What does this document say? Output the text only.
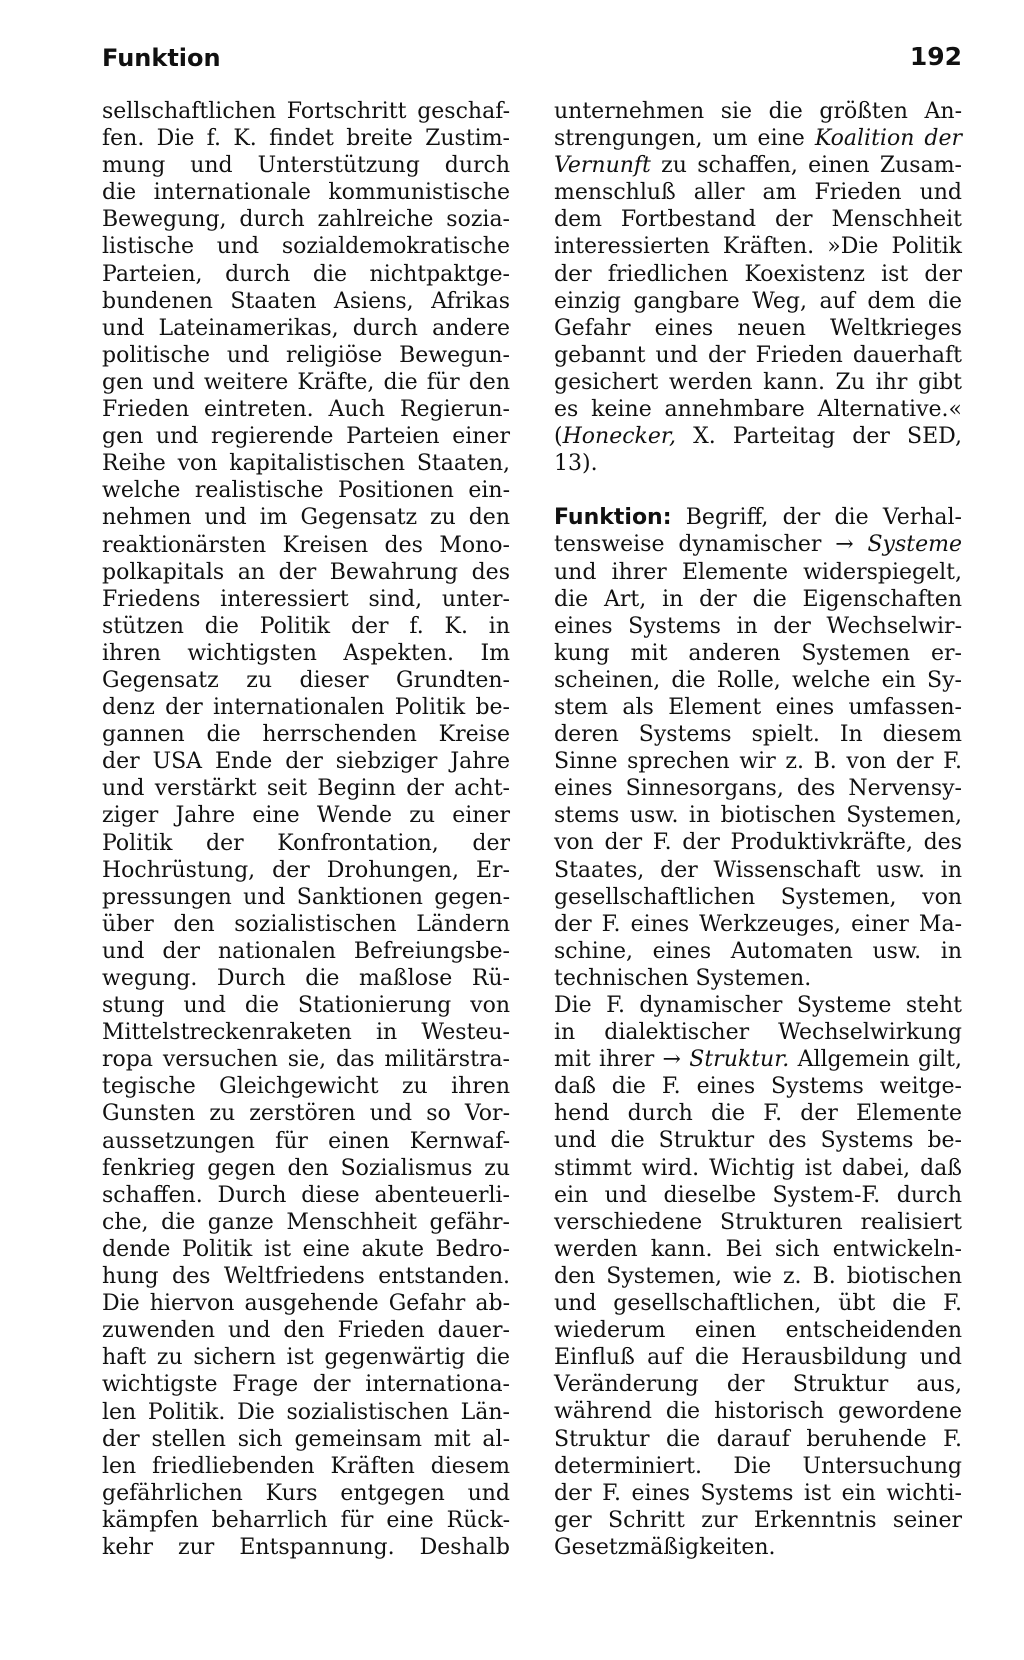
Funktion	192
sellschaftlichen Fortschritt geschaf-
fen. Die f. K. findet breite Zustim-
mung und Unterstützung durch
die internationale kommunistische
Bewegung, durch zahlreiche sozia-
listische und sozialdemokratische
Parteien, durch die nichtpaktge-
bundenen Staaten Asiens, Afrikas
und Lateinamerikas, durch andere
politische und religiöse Bewegun-
gen und weitere Kräfte, die für den
Frieden eintreten. Auch Regierun-
gen und regierende Parteien einer
Reihe von kapitalistischen Staaten,
welche realistische Positionen ein-
nehmen und im Gegensatz zu den
reaktionärsten Kreisen des Mono-
polkapitals an der Bewahrung des
Friedens interessiert sind, unter-
stützen die Politik der f. K. in
ihren wichtigsten Aspekten. Im
Gegensatz zu dieser Grundten-
denz der internationalen Politik be-
gannen die herrschenden Kreise
der USA Ende der siebziger Jahre
und verstärkt seit Beginn der acht-
ziger Jahre eine Wende zu einer
Politik der Konfrontation, der
Hochrüstung, der Drohungen, Er-
pressungen und Sanktionen gegen-
über den sozialistischen Ländern
und der nationalen Befreiungsbe-
wegung. Durch die maßlose Rü-
stung und die Stationierung von
Mittelstreckenraketen in Westeu-
ropa versuchen sie, das militärstra-
tegische Gleichgewicht zu ihren
Gunsten zu zerstören und so Vor-
aussetzungen für einen Kernwaf-
fenkrieg gegen den Sozialismus zu
schaffen. Durch diese abenteuerli-
che, die ganze Menschheit gefähr-
dende Politik ist eine akute Bedro-
hung des Weltfriedens entstanden.
Die hiervon ausgehende Gefahr ab-
zuwenden und den Frieden dauer-
haft zu sichern ist gegenwärtig die
wichtigste Frage der internationa-
len Politik. Die sozialistischen Län-
der stellen sich gemeinsam mit al-
len friedliebenden Kräften diesem
gefährlichen Kurs entgegen und
kämpfen beharrlich für eine Rück-
kehr zur Entspannung. Deshalb
unternehmen sie die größten An-
strengungen, um eine Koalition der
Vernunft zu schaffen, einen Zusam-
menschluß aller am Frieden und
dem Fortbestand der Menschheit
interessierten Kräften. »Die Politik
der friedlichen Koexistenz ist der
einzig gangbare Weg, auf dem die
Gefahr eines neuen Weltkrieges
gebannt und der Frieden dauerhaft
gesichert werden kann. Zu ihr gibt
es keine annehmbare Alternative.«
(Honecker, X. Parteitag der SED,
13).
Funktion: Begriff, der die Verhal-
tensweise dynamischer → Systeme
und ihrer Elemente widerspiegelt,
die Art, in der die Eigenschaften
eines Systems in der Wechselwir-
kung mit anderen Systemen er-
scheinen, die Rolle, welche ein Sy-
stem als Element eines umfassen-
deren Systems spielt. In diesem
Sinne sprechen wir z. B. von der F.
eines Sinnesorgans, des Nervensy-
stems usw. in biotischen Systemen,
von der F. der Produktivkräfte, des
Staates, der Wissenschaft usw. in
gesellschaftlichen Systemen, von
der F. eines Werkzeuges, einer Ma-
schine, eines Automaten usw. in
technischen Systemen.
Die F. dynamischer Systeme steht
in dialektischer Wechselwirkung
mit ihrer → Struktur. Allgemein gilt,
daß die F. eines Systems weitge-
hend durch die F. der Elemente
und die Struktur des Systems be-
stimmt wird. Wichtig ist dabei, daß
ein und dieselbe System-F. durch
verschiedene Strukturen realisiert
werden kann. Bei sich entwickeln-
den Systemen, wie z. B. biotischen
und gesellschaftlichen, übt die F.
wiederum einen entscheidenden
Einfluß auf die Herausbildung und
Veränderung der Struktur aus,
während die historisch gewordene
Struktur die darauf beruhende F.
determiniert. Die Untersuchung
der F. eines Systems ist ein wichti-
ger Schritt zur Erkenntnis seiner
Gesetzmäßigkeiten.
